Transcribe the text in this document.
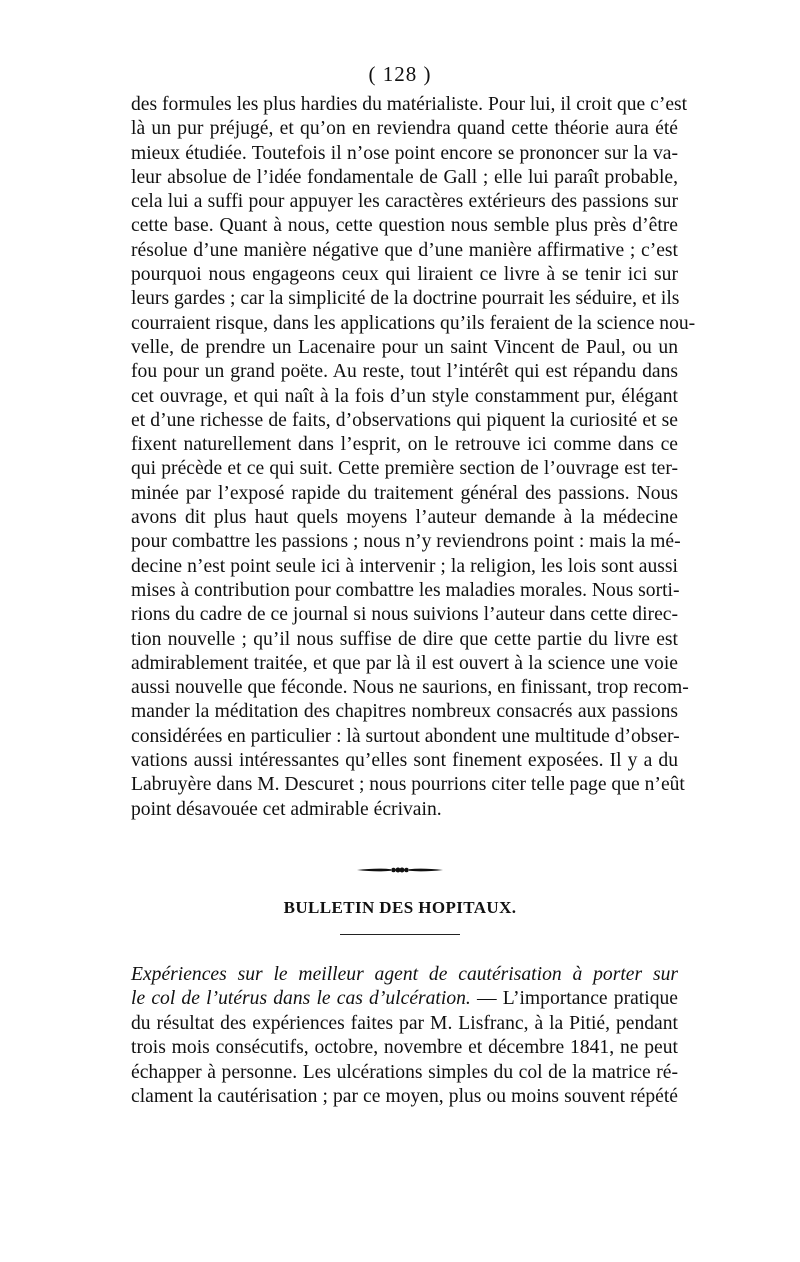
( 128 )
des formules les plus hardies du matérialiste. Pour lui, il croit que c’est
là un pur préjugé, et qu’on en reviendra quand cette théorie aura été
mieux étudiée. Toutefois il n’ose point encore se prononcer sur la va-
leur absolue de l’idée fondamentale de Gall ; elle lui paraît probable,
cela lui a suffi pour appuyer les caractères extérieurs des passions sur
cette base. Quant à nous, cette question nous semble plus près d’être
résolue d’une manière négative que d’une manière affirmative ; c’est
pourquoi nous engageons ceux qui liraient ce livre à se tenir ici sur
leurs gardes ; car la simplicité de la doctrine pourrait les séduire, et ils
courraient risque, dans les applications qu’ils feraient de la science nou-
velle, de prendre un Lacenaire pour un saint Vincent de Paul, ou un
fou pour un grand poëte. Au reste, tout l’intérêt qui est répandu dans
cet ouvrage, et qui naît à la fois d’un style constamment pur, élégant
et d’une richesse de faits, d’observations qui piquent la curiosité et se
fixent naturellement dans l’esprit, on le retrouve ici comme dans ce
qui précède et ce qui suit. Cette première section de l’ouvrage est ter-
minée par l’exposé rapide du traitement général des passions. Nous
avons dit plus haut quels moyens l’auteur demande à la médecine
pour combattre les passions ; nous n’y reviendrons point : mais la mé-
decine n’est point seule ici à intervenir ; la religion, les lois sont aussi
mises à contribution pour combattre les maladies morales. Nous sorti-
rions du cadre de ce journal si nous suivions l’auteur dans cette direc-
tion nouvelle ; qu’il nous suffise de dire que cette partie du livre est
admirablement traitée, et que par là il est ouvert à la science une voie
aussi nouvelle que féconde. Nous ne saurions, en finissant, trop recom-
mander la méditation des chapitres nombreux consacrés aux passions
considérées en particulier : là surtout abondent une multitude d’obser-
vations aussi intéressantes qu’elles sont finement exposées. Il y a du
Labruyère dans M. Descuret ; nous pourrions citer telle page que n’eût
point désavouée cet admirable écrivain.
BULLETIN DES HOPITAUX.
Expériences sur le meilleur agent de cautérisation à porter sur
le col de l’utérus dans le cas d’ulcération. — L’importance pratique
du résultat des expériences faites par M. Lisfranc, à la Pitié, pendant
trois mois consécutifs, octobre, novembre et décembre 1841, ne peut
échapper à personne. Les ulcérations simples du col de la matrice ré-
clament la cautérisation ; par ce moyen, plus ou moins souvent répété
